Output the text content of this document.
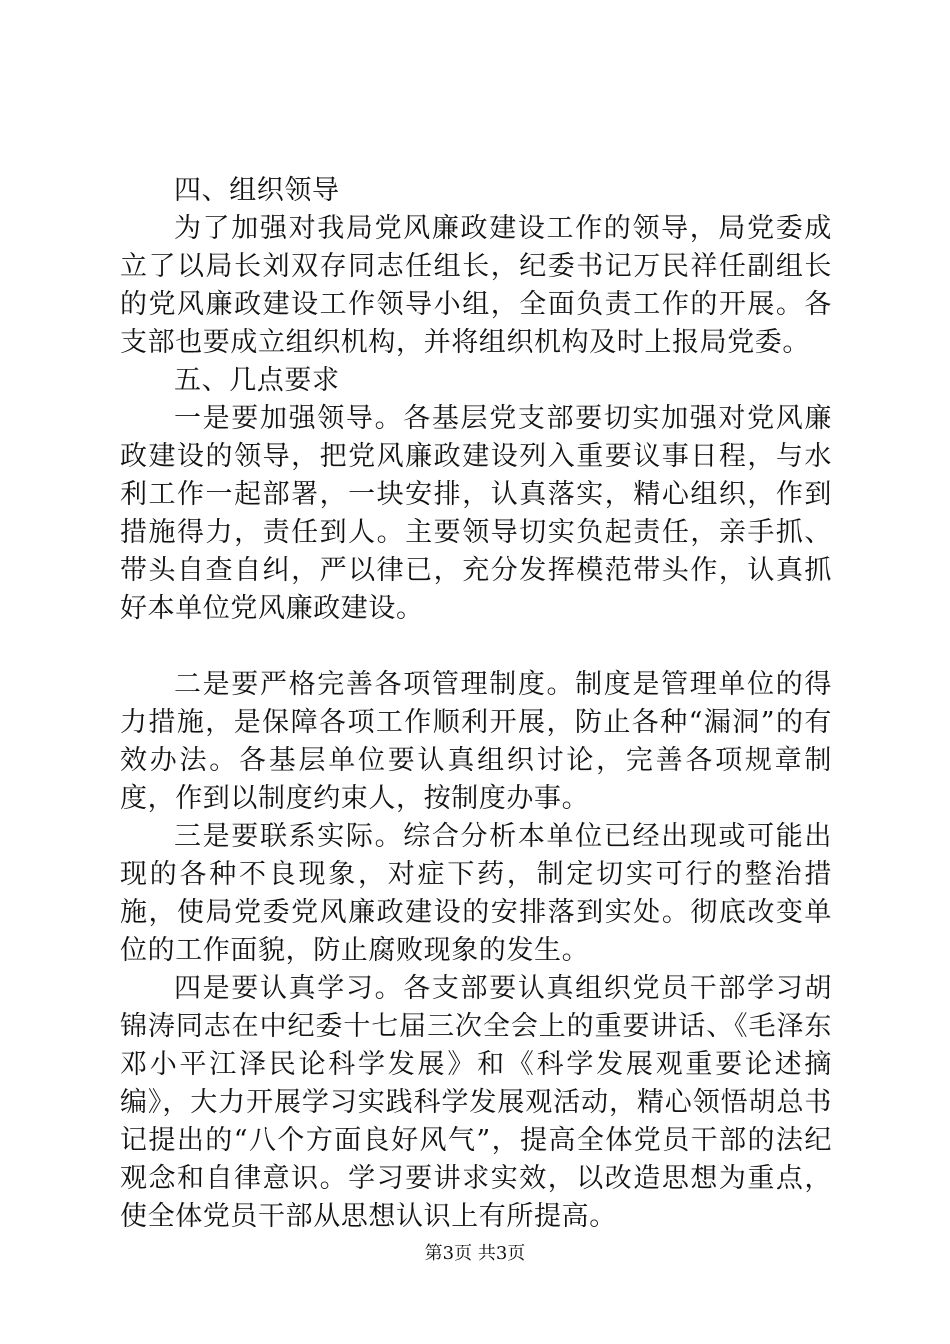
四、组织领导

为了加强对我局党风廉政建设工作的领导，局党委成立了以局长刘双存同志任组长，纪委书记万民祥任副组长的党风廉政建设工作领导小组，全面负责工作的开展。各支部也要成立组织机构，并将组织机构及时上报局党委。

五、几点要求

一是要加强领导。各基层党支部要切实加强对党风廉政建设的领导，把党风廉政建设列入重要议事日程，与水利工作一起部署，一块安排，认真落实，精心组织，作到措施得力，责任到人。主要领导切实负起责任，亲手抓、带头自查自纠，严以律已，充分发挥模范带头作，认真抓好本单位党风廉政建设。

二是要严格完善各项管理制度。制度是管理单位的得力措施，是保障各项工作顺利开展，防止各种“漏洞”的有效办法。各基层单位要认真组织讨论，完善各项规章制度，作到以制度约束人，按制度办事。

三是要联系实际。综合分析本单位已经出现或可能出现的各种不良现象，对症下药，制定切实可行的整治措施，使局党委党风廉政建设的安排落到实处。彻底改变单位的工作面貌，防止腐败现象的发生。

四是要认真学习。各支部要认真组织党员干部学习胡锦涛同志在中纪委十七届三次全会上的重要讲话、《毛泽东邓小平江泽民论科学发展》和《科学发展观重要论述摘编》，大力开展学习实践科学发展观活动，精心领悟胡总书记提出的“八个方面良好风气”，提高全体党员干部的法纪观念和自律意识。学习要讲求实效，以改造思想为重点，使全体党员干部从思想认识上有所提高。

第3页 共3页
